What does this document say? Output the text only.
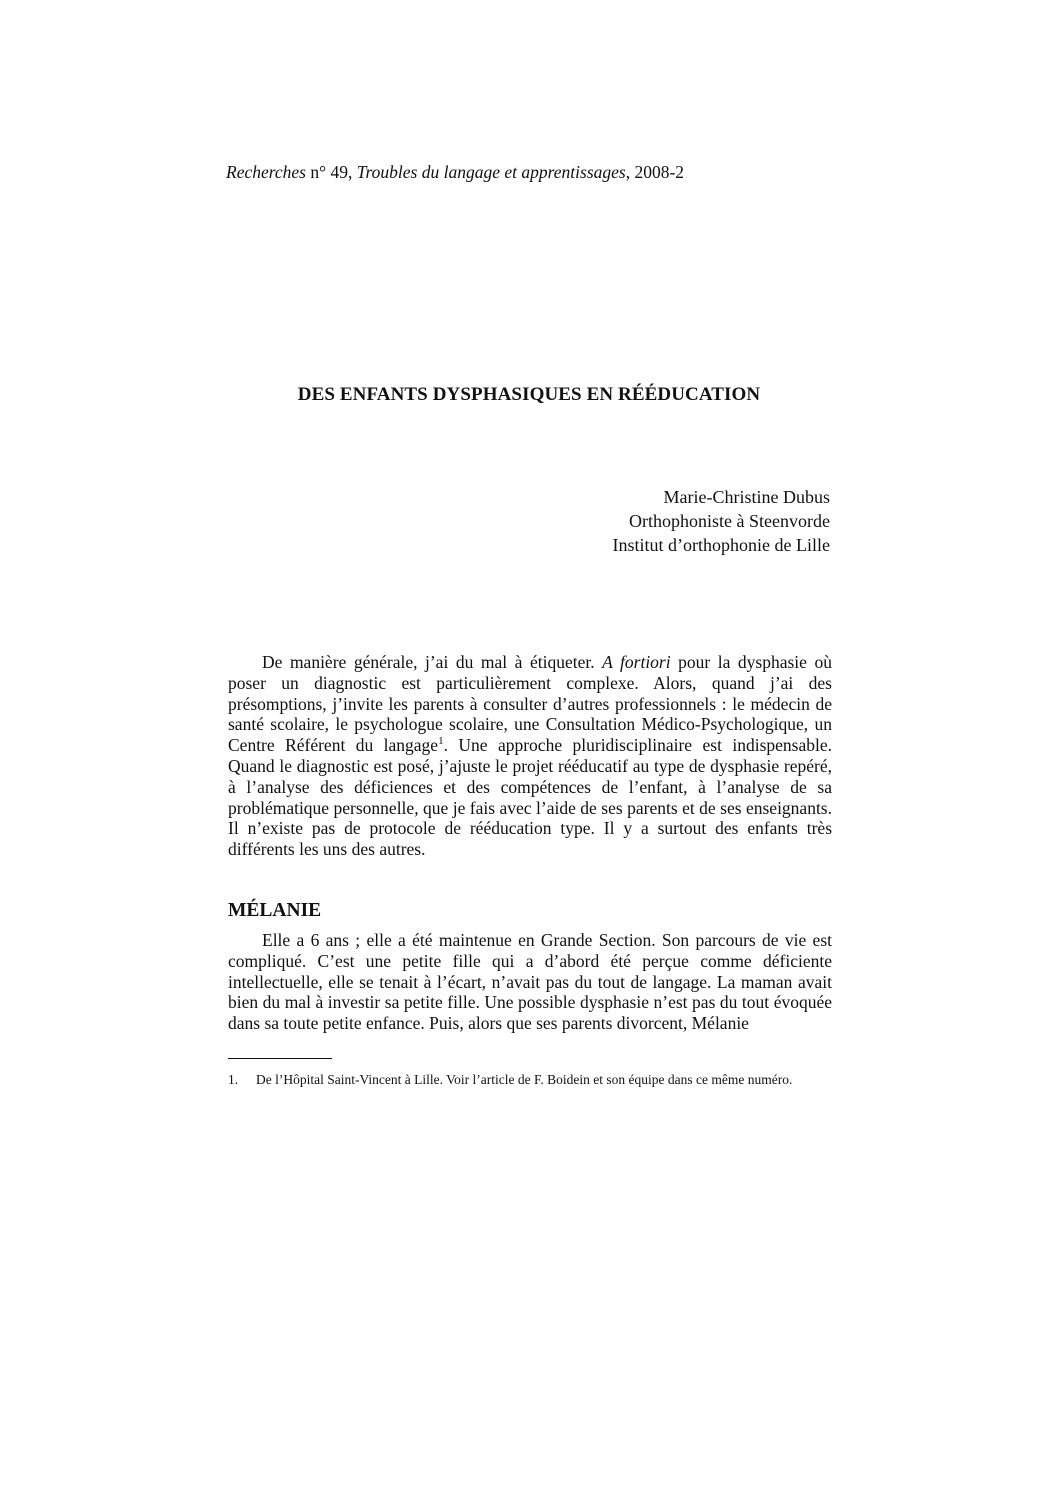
Recherches n° 49, Troubles du langage et apprentissages, 2008-2
DES ENFANTS DYSPHASIQUES EN RÉÉDUCATION
Marie-Christine Dubus
Orthophoniste à Steenvorde
Institut d’orthophonie de Lille

De manière générale, j’ai du mal à étiqueter. A fortiori pour la dysphasie où poser un diagnostic est particulièrement complexe. Alors, quand j’ai des présomptions, j’invite les parents à consulter d’autres professionnels : le médecin de santé scolaire, le psychologue scolaire, une Consultation Médico-Psychologique, un Centre Référent du langage$^1$. Une approche pluridisciplinaire est indispensable. Quand le diagnostic est posé, j’ajuste le projet rééducatif au type de dysphasie repéré, à l’analyse des déficiences et des compétences de l’enfant, à l’analyse de sa problématique personnelle, que je fais avec l’aide de ses parents et de ses enseignants. Il n’existe pas de protocole de rééducation type. Il y a surtout des enfants très différents les uns des autres.

MÉLANIE

Elle a 6 ans ; elle a été maintenue en Grande Section. Son parcours de vie est compliqué. C’est une petite fille qui a d’abord été perçue comme déficiente intellectuelle, elle se tenait à l’écart, n’avait pas du tout de langage. La maman avait bien du mal à investir sa petite fille. Une possible dysphasie n’est pas du tout évoquée dans sa toute petite enfance. Puis, alors que ses parents divorcent, Mélanie

1. De l’Hôpital Saint-Vincent à Lille. Voir l’article de F. Boidein et son équipe dans ce même numéro.
